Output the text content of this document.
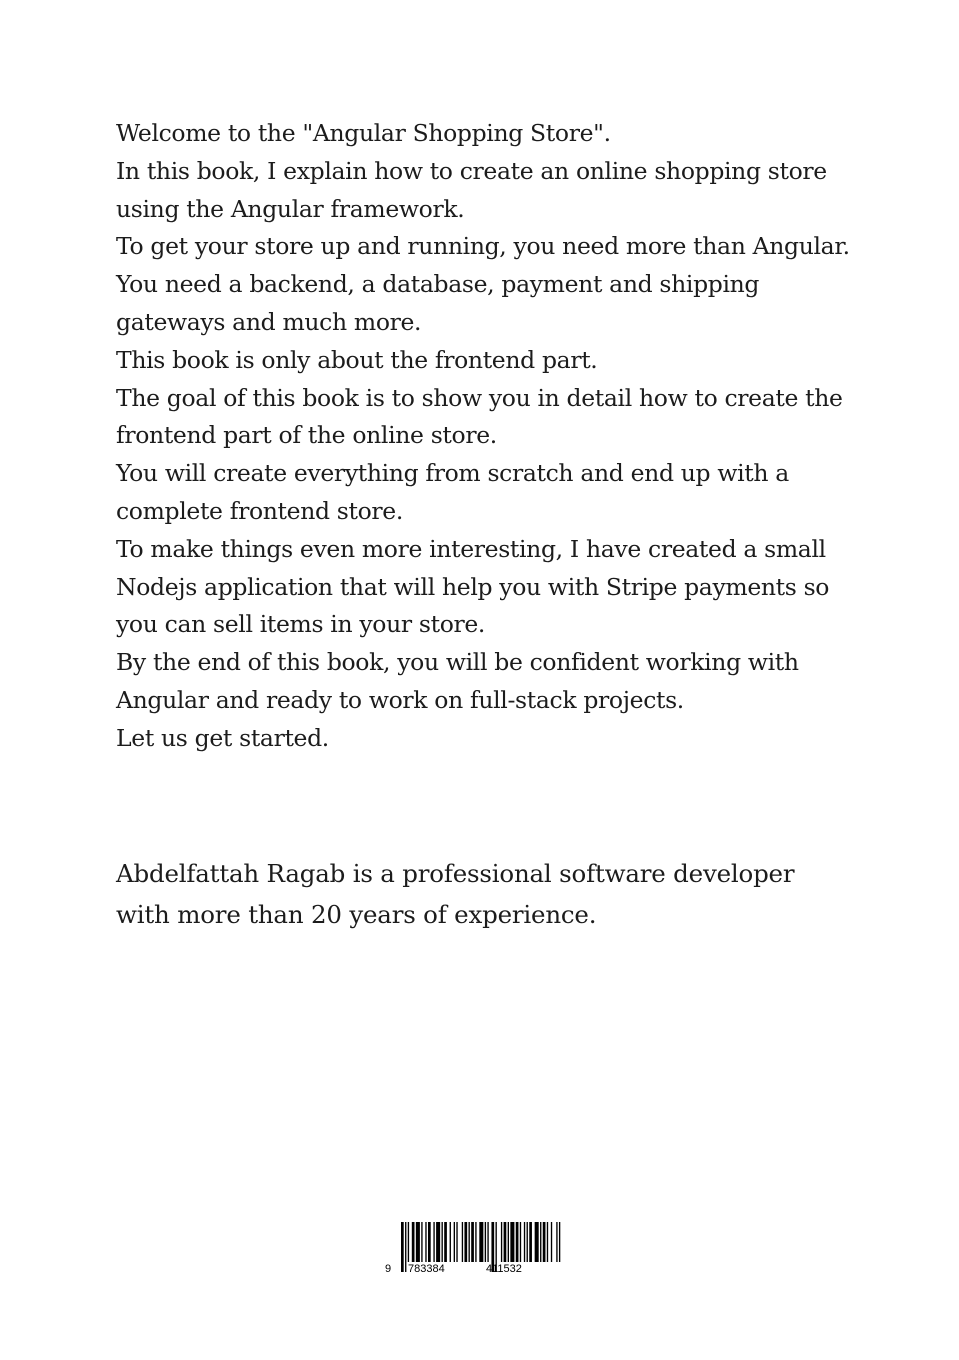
Welcome to the "Angular Shopping Store".
In this book, I explain how to create an online shopping store
using the Angular framework.
To get your store up and running, you need more than Angular.
You need a backend, a database, payment and shipping
gateways and much more.
This book is only about the frontend part.
The goal of this book is to show you in detail how to create the
frontend part of the online store.
You will create everything from scratch and end up with a
complete frontend store.
To make things even more interesting, I have created a small
Nodejs application that will help you with Stripe payments so
you can sell items in your store.
By the end of this book, you will be confident working with
Angular and ready to work on full-stack projects.
Let us get started.
Abdelfattah Ragab is a professional software developer
with more than 20 years of experience.
9 783384	411532
